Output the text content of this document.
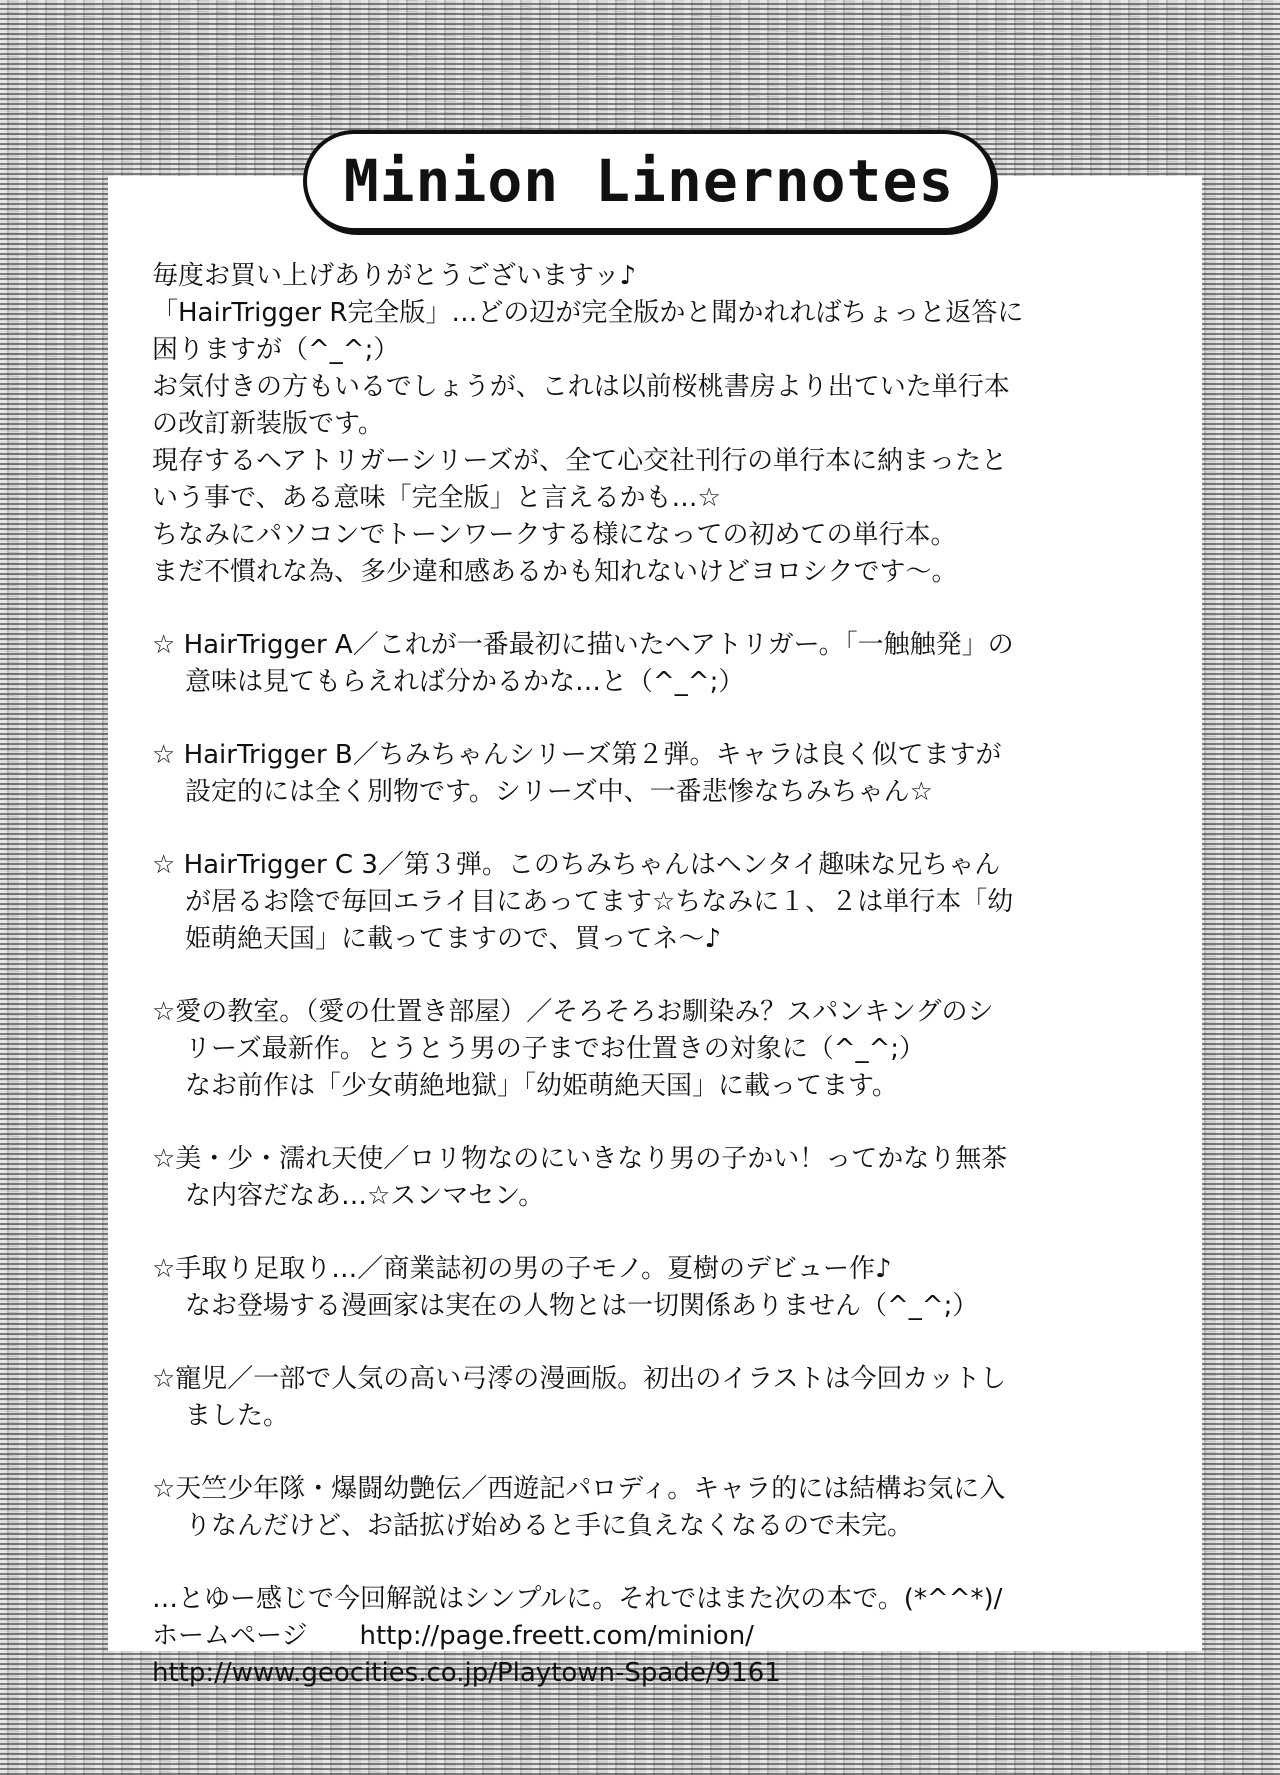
Minion Linernotes
毎度お買い上げありがとうございますッ♪
「HairTrigger R完全版」…どの辺が完全版かと聞かれればちょっと返答に
困りますが（^_^;）
お気付きの方もいるでしょうが、これは以前桜桃書房より出ていた単行本
の改訂新装版です。
現存するヘアトリガーシリーズが、全て心交社刊行の単行本に納まったと
いう事で、ある意味「完全版」と言えるかも…☆
ちなみにパソコンでトーンワークする様になっての初めての単行本。
まだ不慣れな為、多少違和感あるかも知れないけどヨロシクです～。
☆ HairTrigger A／これが一番最初に描いたヘアトリガー。「一触触発」の
意味は見てもらえれば分かるかな…と（^_^;）
☆ HairTrigger B／ちみちゃんシリーズ第２弾。キャラは良く似てますが
設定的には全く別物です。シリーズ中、一番悲惨なちみちゃん☆
☆ HairTrigger C 3／第３弾。このちみちゃんはヘンタイ趣味な兄ちゃん
が居るお陰で毎回エライ目にあってます☆ちなみに１、２は単行本「幼
姫萌絶天国」に載ってますので、買ってネ～♪
☆愛の教室。（愛の仕置き部屋）／そろそろお馴染み？スパンキングのシ
リーズ最新作。とうとう男の子までお仕置きの対象に（^_^;）
なお前作は「少女萌絶地獄」「幼姫萌絶天国」に載ってます。
☆美・少・濡れ天使／ロリ物なのにいきなり男の子かい！ってかなり無茶
な内容だなあ…☆スンマセン。
☆手取り足取り…／商業誌初の男の子モノ。夏樹のデビュー作♪
なお登場する漫画家は実在の人物とは一切関係ありません（^_^;）
☆寵児／一部で人気の高い弓澪の漫画版。初出のイラストは今回カットし
ました。
☆天竺少年隊・爆闘幼艶伝／西遊記パロディ。キャラ的には結構お気に入
りなんだけど、お話拡げ始めると手に負えなくなるので未完。
…とゆー感じで今回解説はシンプルに。それではまた次の本で。(*^^*)/
ホームページ　　http://page.freett.com/minion/
http://www.geocities.co.jp/Playtown-Spade/9161
